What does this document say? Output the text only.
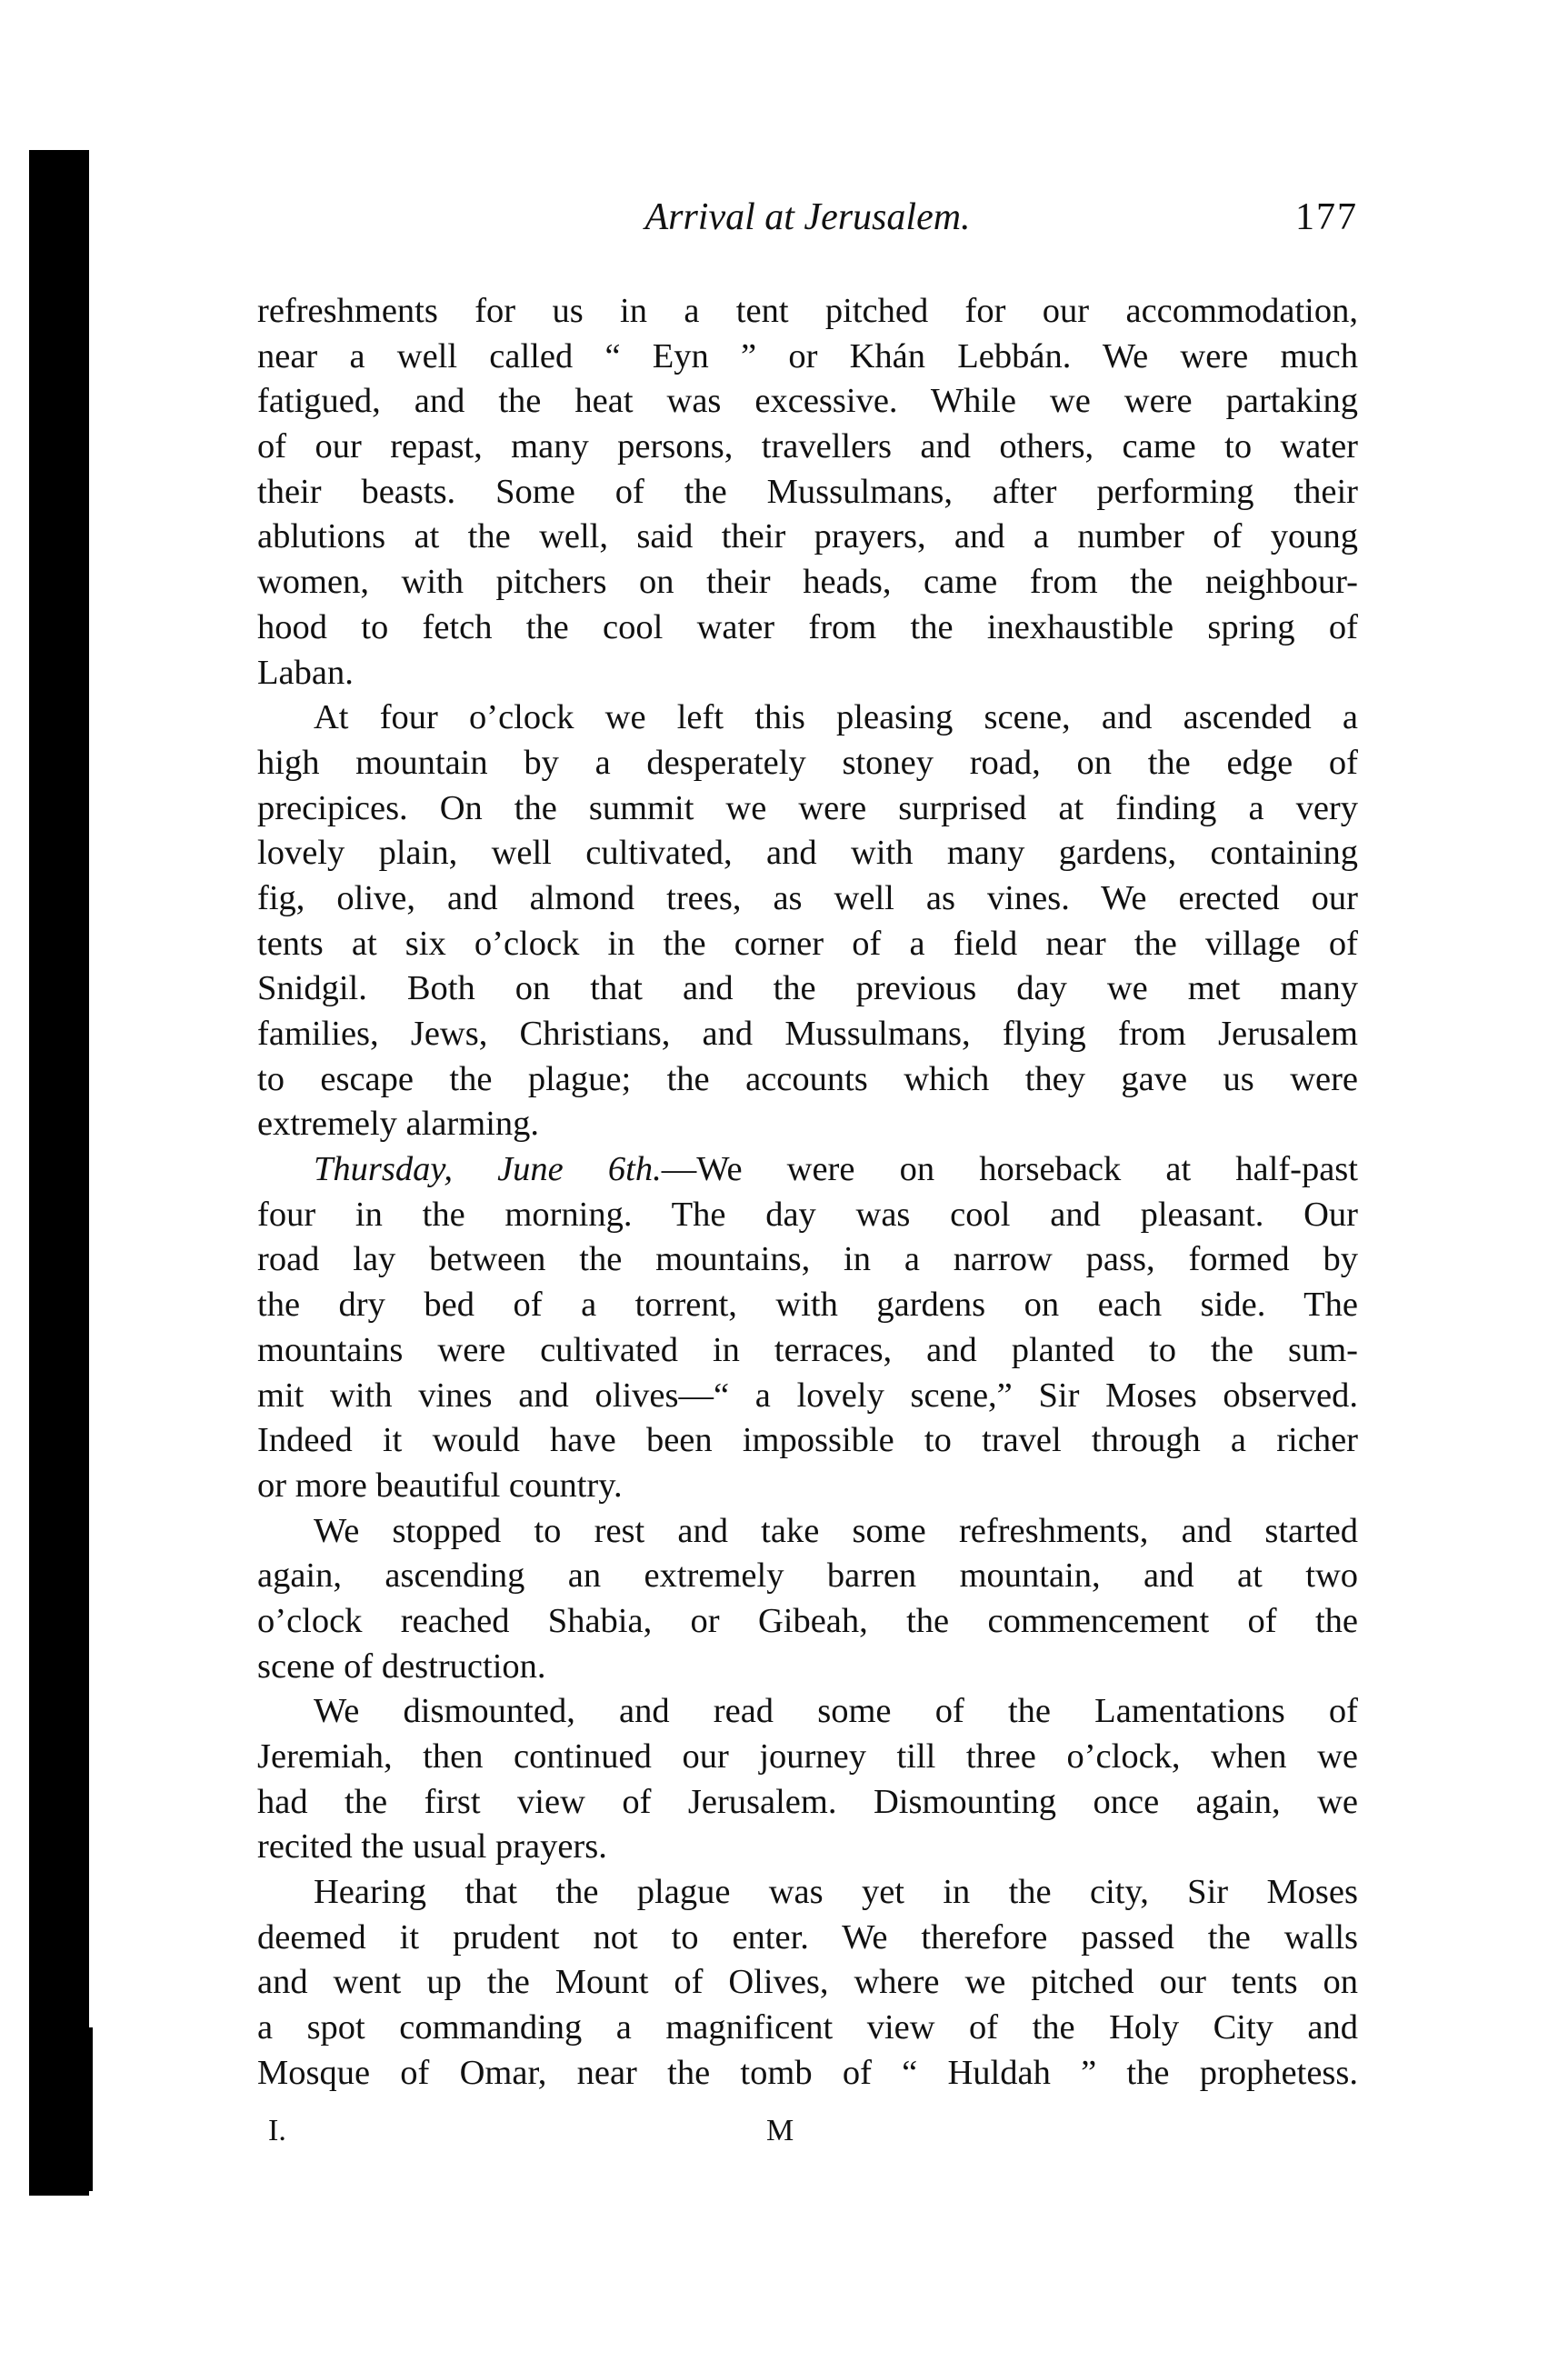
Arrival at Jerusalem.	177
refreshments for us in a tent pitched for our accommodation,
near a well called “ Eyn ” or Khán Lebbán. We were much
fatigued, and the heat was excessive. While we were partaking
of our repast, many persons, travellers and others, came to water
their beasts. Some of the Mussulmans, after performing their
ablutions at the well, said their prayers, and a number of young
women, with pitchers on their heads, came from the neighbour-
hood to fetch the cool water from the inexhaustible spring of
Laban.
At four o’clock we left this pleasing scene, and ascended a
high mountain by a desperately stoney road, on the edge of
precipices. On the summit we were surprised at finding a very
lovely plain, well cultivated, and with many gardens, containing
fig, olive, and almond trees, as well as vines. We erected our
tents at six o’clock in the corner of a field near the village of
Snidgil. Both on that and the previous day we met many
families, Jews, Christians, and Mussulmans, flying from Jerusalem
to escape the plague; the accounts which they gave us were
extremely alarming.
Thursday, June 6th.—We were on horseback at half-past
four in the morning. The day was cool and pleasant. Our
road lay between the mountains, in a narrow pass, formed by
the dry bed of a torrent, with gardens on each side. The
mountains were cultivated in terraces, and planted to the sum-
mit with vines and olives—“ a lovely scene,” Sir Moses observed.
Indeed it would have been impossible to travel through a richer
or more beautiful country.
We stopped to rest and take some refreshments, and started
again, ascending an extremely barren mountain, and at two
o’clock reached Shabia, or Gibeah, the commencement of the
scene of destruction.
We dismounted, and read some of the Lamentations of
Jeremiah, then continued our journey till three o’clock, when we
had the first view of Jerusalem. Dismounting once again, we
recited the usual prayers.
Hearing that the plague was yet in the city, Sir Moses
deemed it prudent not to enter. We therefore passed the walls
and went up the Mount of Olives, where we pitched our tents on
a spot commanding a magnificent view of the Holy City and
Mosque of Omar, near the tomb of “ Huldah ” the prophetess.
I.	M
